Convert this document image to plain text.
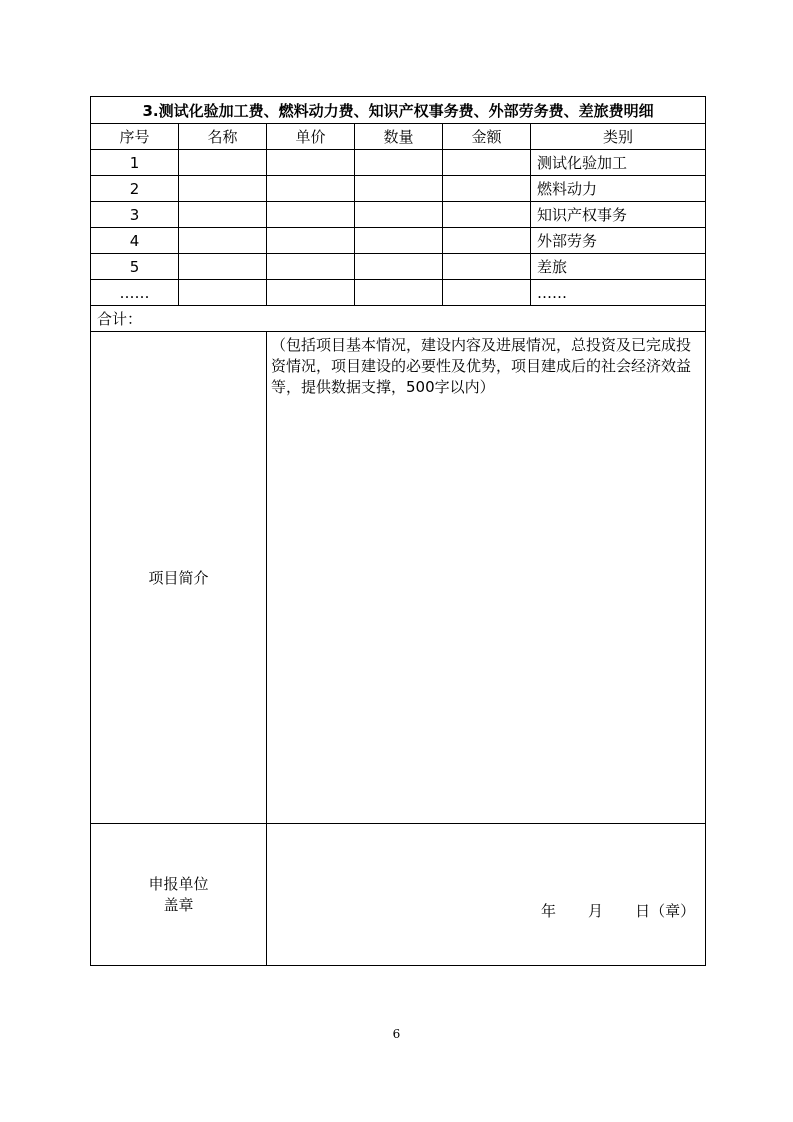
3.测试化验加工费、燃料动力费、知识产权事务费、外部劳务费、差旅费明细					
序号	名称	单价	数量	金额	类别
1					测试化验加工
2					燃料动力
3					知识产权事务
4					外部劳务
5					差旅
……					……
合计：					
项目简介		（包括项目基本情况，建设内容及进展情况，总投资及已完成投资情况，项目建设的必要性及优势，项目建成后的社会经济效益等，提供数据支撑，500字以内）			

申报单位
盖章		年 月 日（章）			
6
